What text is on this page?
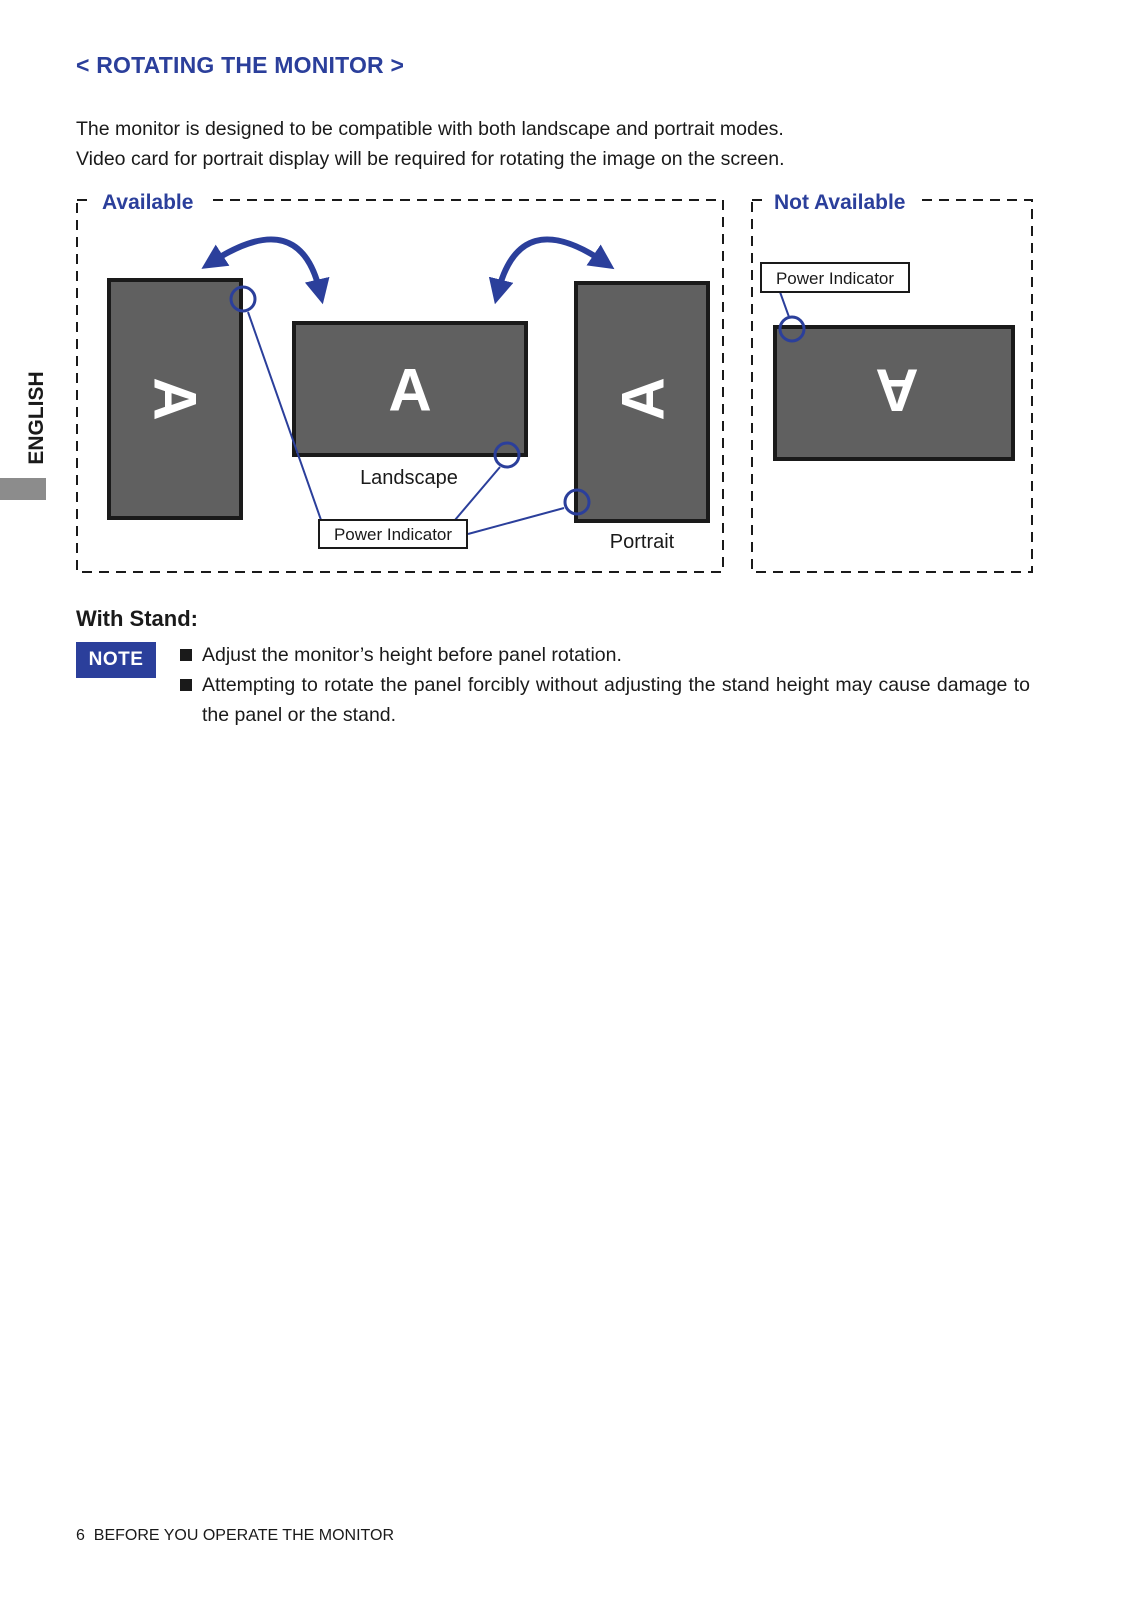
< ROTATING THE MONITOR >
The monitor is designed to be compatible with both landscape and portrait modes.
Video card for portrait display will be required for rotating the image on the screen.
ENGLISH
Available	Not Available
A	A
Landscape
A
Portrait
Power Indicator
A
Power Indicator
With Stand:
NOTE	Adjust the monitor’s height before panel rotation.
Attempting to rotate the panel forcibly without adjusting the stand height may cause damage to the panel or the stand.
6 BEFORE YOU OPERATE THE MONITOR
